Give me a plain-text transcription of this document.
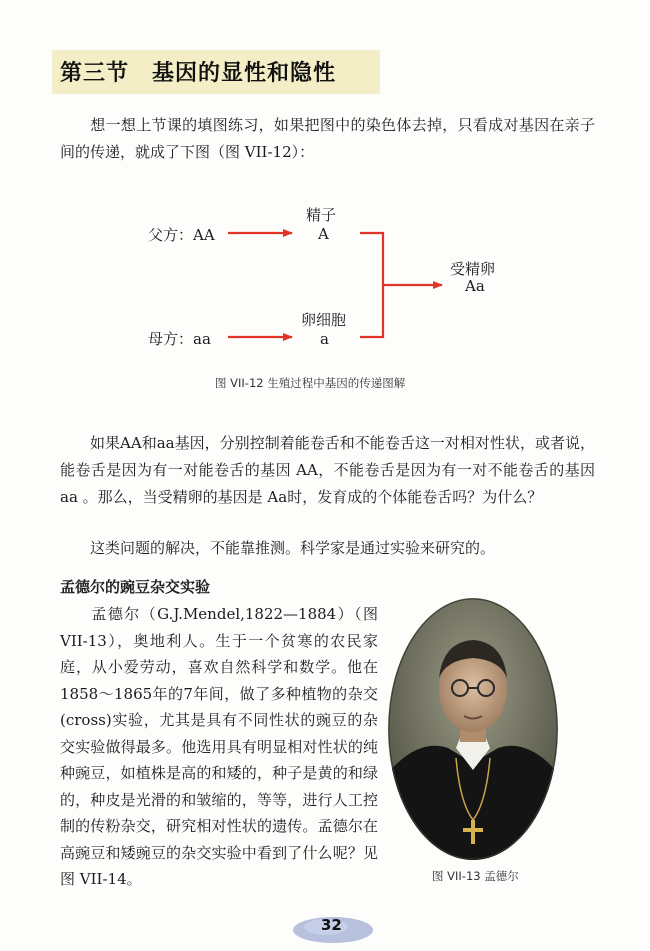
第三节　基因的显性和隐性

想一想上节课的填图练习，如果把图中的染色体去掉，只看成对基因在亲子间的传递，就成了下图（图 VII-12）：

父方：AA
母方：aa
精子
A
卵细胞
a
受精卵
Aa
图 VII-12 生殖过程中基因的传递图解

如果AA和aa基因，分别控制着能卷舌和不能卷舌这一对相对性状，或者说，能卷舌是因为有一对能卷舌的基因 AA，不能卷舌是因为有一对不能卷舌的基因 aa 。那么，当受精卵的基因是 Aa时，发育成的个体能卷舌吗？为什么？

这类问题的解决，不能靠推测。科学家是通过实验来研究的。

孟德尔的豌豆杂交实验

孟德尔（G.J.Mendel,1822—1884）（图VII-13），奥地利人。生于一个贫寒的农民家庭，从小爱劳动，喜欢自然科学和数学。他在1858～1865年的7年间，做了多种植物的杂交(cross)实验，尤其是具有不同性状的豌豆的杂交实验做得最多。他选用具有明显相对性状的纯种豌豆，如植株是高的和矮的，种子是黄的和绿的，种皮是光滑的和皱缩的，等等，进行人工控制的传粉杂交，研究相对性状的遗传。孟德尔在高豌豆和矮豌豆的杂交实验中看到了什么呢？见图 VII-14。	图 VII-13 孟德尔
32
